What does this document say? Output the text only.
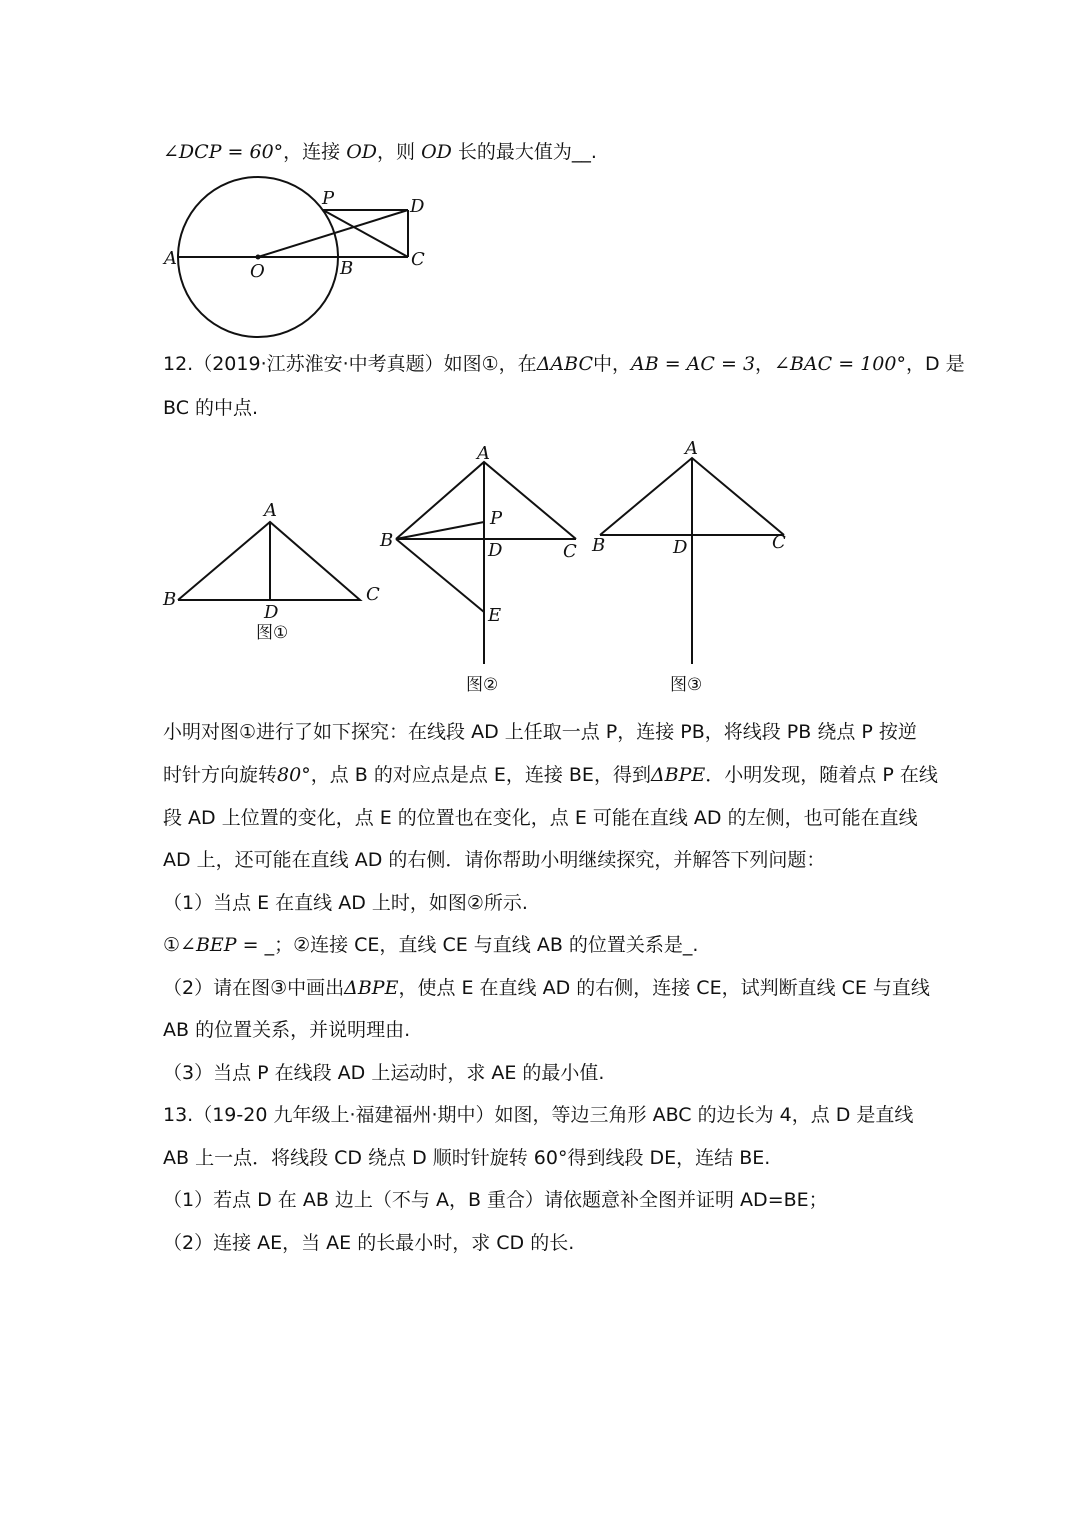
∠DCP = 60°，连接 OD，则 OD 长的最大值为__.
P	D
A
O	B	C
12.（2019·江苏淮安·中考真题）如图①，在ΔABC中，AB = AC = 3，∠BAC = 100°，D 是
BC 的中点.
A
B	C
D
图①
A
P
B	D	C
E
图②
A
B	D	C
图③
小明对图①进行了如下探究：在线段 AD 上任取一点 P，连接 PB，将线段 PB 绕点 P 按逆
时针方向旋转80°，点 B 的对应点是点 E，连接 BE，得到ΔBPE．小明发现，随着点 P 在线
段 AD 上位置的变化，点 E 的位置也在变化，点 E 可能在直线 AD 的左侧，也可能在直线
AD 上，还可能在直线 AD 的右侧．请你帮助小明继续探究，并解答下列问题：
（1）当点 E 在直线 AD 上时，如图②所示.
①∠BEP = _；②连接 CE，直线 CE 与直线 AB 的位置关系是_.
（2）请在图③中画出ΔBPE，使点 E 在直线 AD 的右侧，连接 CE，试判断直线 CE 与直线
AB 的位置关系，并说明理由.
（3）当点 P 在线段 AD 上运动时，求 AE 的最小值.
13.（19-20 九年级上·福建福州·期中）如图，等边三角形 ABC 的边长为 4，点 D 是直线
AB 上一点．将线段 CD 绕点 D 顺时针旋转 60°得到线段 DE，连结 BE.
（1）若点 D 在 AB 边上（不与 A，B 重合）请依题意补全图并证明 AD=BE；
（2）连接 AE，当 AE 的长最小时，求 CD 的长.
